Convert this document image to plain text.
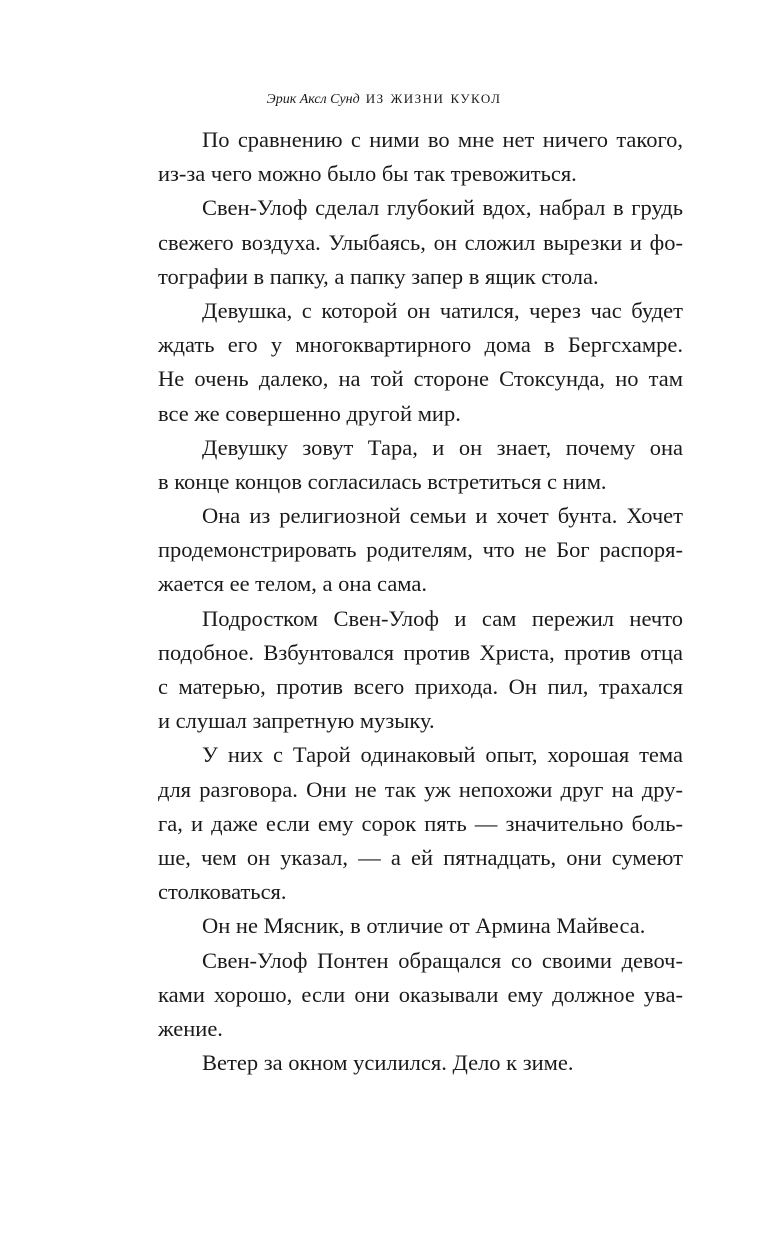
Эрик Аксл Сунд из жизни кукол
По сравнению с ними во мне нет ничего такого,
из-за чего можно было бы так тревожиться.
Свен-Улоф сделал глубокий вдох, набрал в грудь
свежего воздуха. Улыбаясь, он сложил вырезки и фо-
тографии в папку, а папку запер в ящик стола.
Девушка, с которой он чатился, через час будет
ждать его у многоквартирного дома в Бергсхамре.
Не очень далеко, на той стороне Стоксунда, но там
все же совершенно другой мир.
Девушку зовут Тара, и он знает, почему она
в конце концов согласилась встретиться с ним.
Она из религиозной семьи и хочет бунта. Хочет
продемонстрировать родителям, что не Бог распоря-
жается ее телом, а она сама.
Подростком Свен-Улоф и сам пережил нечто
подобное. Взбунтовался против Христа, против отца
с матерью, против всего прихода. Он пил, трахался
и слушал запретную музыку.
У них с Тарой одинаковый опыт, хорошая тема
для разговора. Они не так уж непохожи друг на дру-
га, и даже если ему сорок пять — значительно боль-
ше, чем он указал, — а ей пятнадцать, они сумеют
столковаться.
Он не Мясник, в отличие от Армина Майвеса.
Свен-Улоф Понтен обращался со своими девоч-
ками хорошо, если они оказывали ему должное ува-
жение.
Ветер за окном усилился. Дело к зиме.
